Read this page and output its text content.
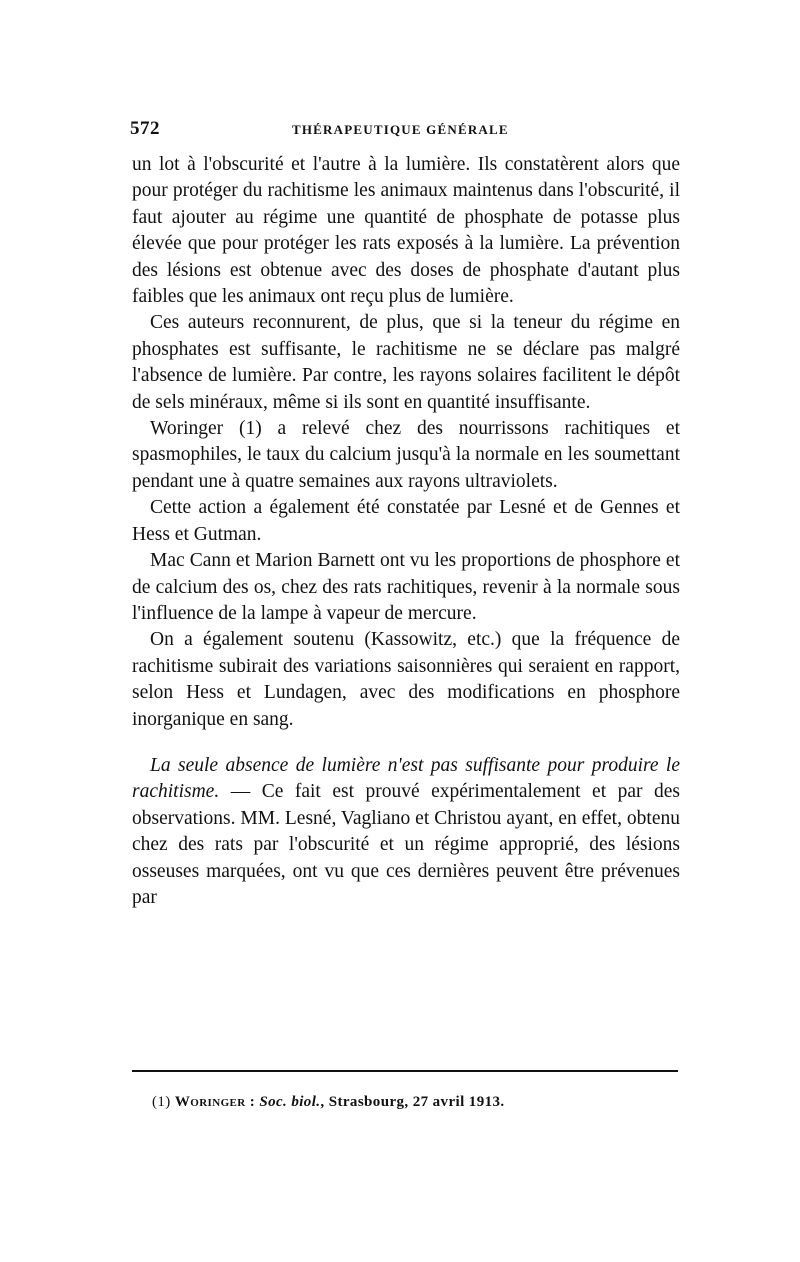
572	THÉRAPEUTIQUE GÉNÉRALE

un lot à l'obscurité et l'autre à la lumière. Ils constatèrent alors que pour protéger du rachitisme les animaux maintenus dans l'obscurité, il faut ajouter au régime une quantité de phosphate de potasse plus élevée que pour protéger les rats exposés à la lumière. La prévention des lésions est obtenue avec des doses de phosphate d'autant plus faibles que les animaux ont reçu plus de lumière.

Ces auteurs reconnurent, de plus, que si la teneur du régime en phosphates est suffisante, le rachitisme ne se déclare pas malgré l'absence de lumière. Par contre, les rayons solaires facilitent le dépôt de sels minéraux, même si ils sont en quantité insuffisante.

Woringer (1) a relevé chez des nourrissons rachitiques et spasmophiles, le taux du calcium jusqu'à la normale en les soumettant pendant une à quatre semaines aux rayons ultraviolets.

Cette action a également été constatée par Lesné et de Gennes et Hess et Gutman.

Mac Cann et Marion Barnett ont vu les proportions de phosphore et de calcium des os, chez des rats rachitiques, revenir à la normale sous l'influence de la lampe à vapeur de mercure.

On a également soutenu (Kassowitz, etc.) que la fréquence de rachitisme subirait des variations saisonnières qui seraient en rapport, selon Hess et Lundagen, avec des modifications en phosphore inorganique en sang.

La seule absence de lumière n'est pas suffisante pour produire le rachitisme. — Ce fait est prouvé expérimentalement et par des observations. MM. Lesné, Vagliano et Christou ayant, en effet, obtenu chez des rats par l'obscurité et un régime approprié, des lésions osseuses marquées, ont vu que ces dernières peuvent être prévenues par

(1) Woringer : Soc. biol., Strasbourg, 27 avril 1913.
